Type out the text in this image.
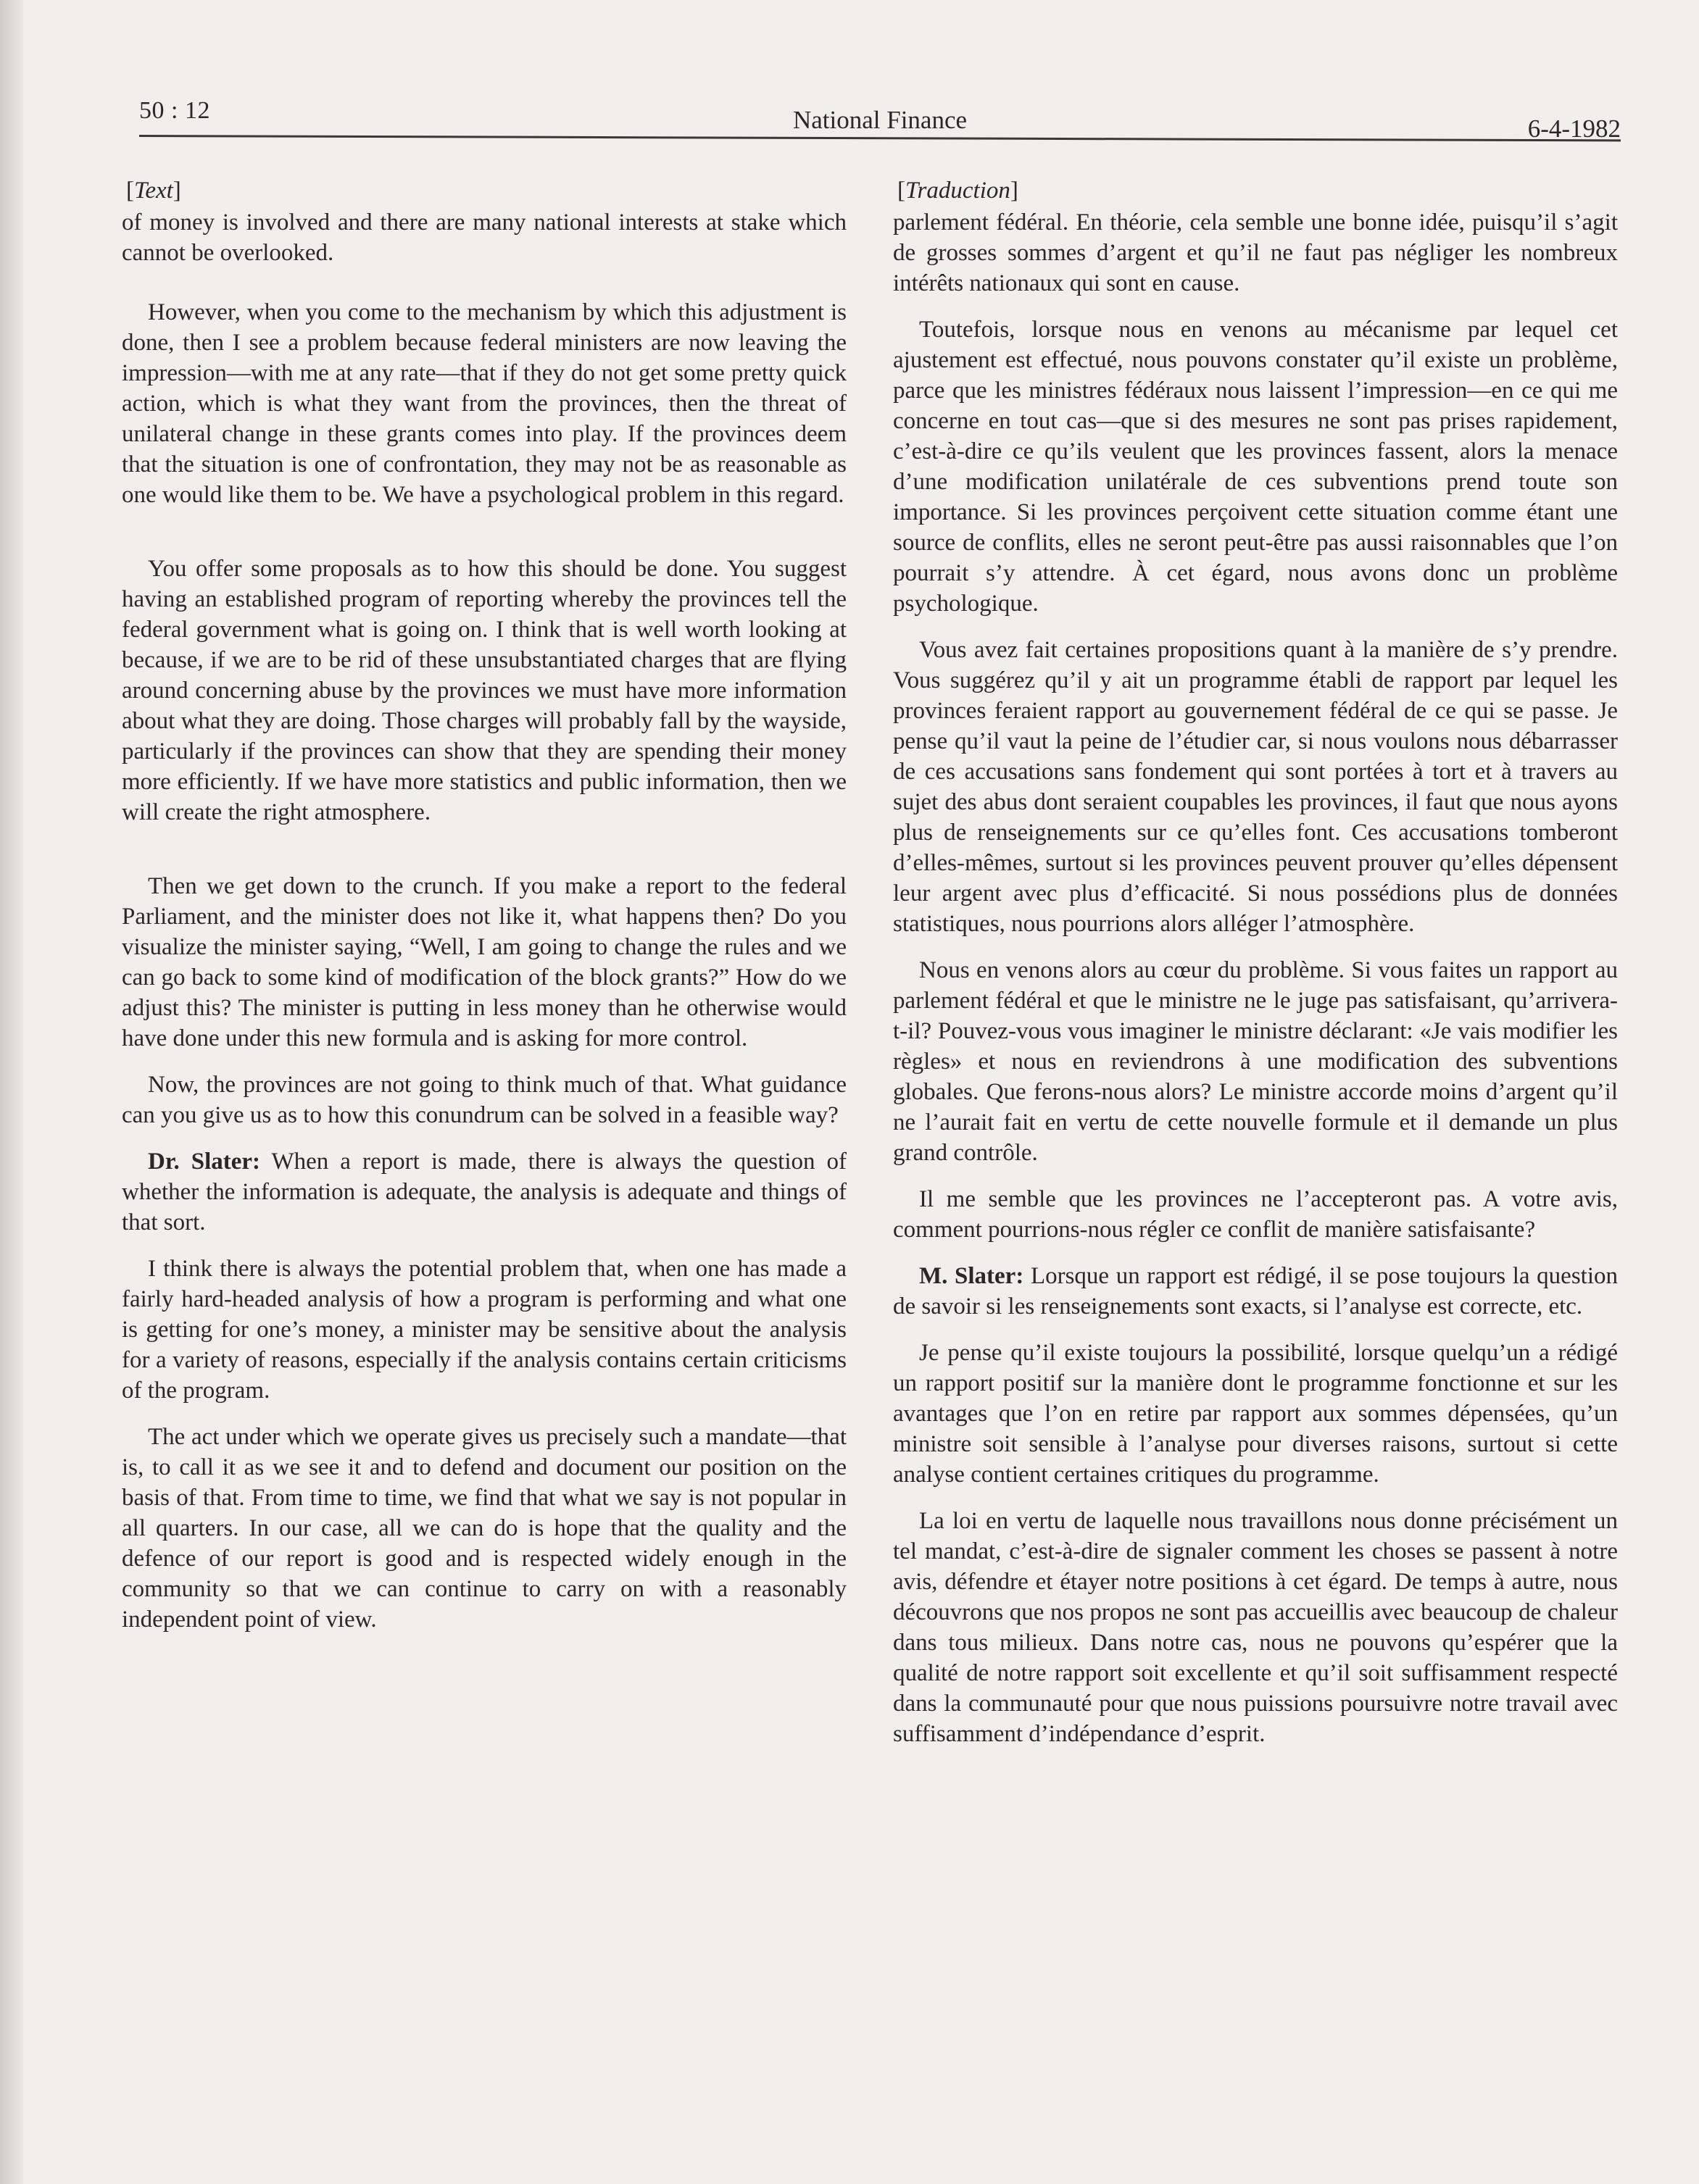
50 : 12	National Finance	6-4-1982
[Text]

of money is involved and there are many national interests at stake which cannot be overlooked.

However, when you come to the mechanism by which this adjustment is done, then I see a problem because federal ministers are now leaving the impression—with me at any rate—that if they do not get some pretty quick action, which is what they want from the provinces, then the threat of unilateral change in these grants comes into play. If the provinces deem that the situation is one of confrontation, they may not be as reasonable as one would like them to be. We have a psychological problem in this regard.

You offer some proposals as to how this should be done. You suggest having an established program of reporting whereby the provinces tell the federal government what is going on. I think that is well worth looking at because, if we are to be rid of these unsubstantiated charges that are flying around concerning abuse by the provinces we must have more information about what they are doing. Those charges will probably fall by the wayside, particularly if the provinces can show that they are spending their money more efficiently. If we have more statistics and public information, then we will create the right atmosphere.

Then we get down to the crunch. If you make a report to the federal Parliament, and the minister does not like it, what happens then? Do you visualize the minister saying, “Well, I am going to change the rules and we can go back to some kind of modification of the block grants?” How do we adjust this? The minister is putting in less money than he otherwise would have done under this new formula and is asking for more control.

Now, the provinces are not going to think much of that. What guidance can you give us as to how this conundrum can be solved in a feasible way?

Dr. Slater: When a report is made, there is always the question of whether the information is adequate, the analysis is adequate and things of that sort.

I think there is always the potential problem that, when one has made a fairly hard-headed analysis of how a program is performing and what one is getting for one’s money, a minister may be sensitive about the analysis for a variety of reasons, especially if the analysis contains certain criticisms of the program.

The act under which we operate gives us precisely such a mandate—that is, to call it as we see it and to defend and document our position on the basis of that. From time to time, we find that what we say is not popular in all quarters. In our case, all we can do is hope that the quality and the defence of our report is good and is respected widely enough in the community so that we can continue to carry on with a reasonably independent point of view.

[Traduction]

parlement fédéral. En théorie, cela semble une bonne idée, puisqu’il s’agit de grosses sommes d’argent et qu’il ne faut pas négliger les nombreux intérêts nationaux qui sont en cause.

Toutefois, lorsque nous en venons au mécanisme par lequel cet ajustement est effectué, nous pouvons constater qu’il existe un problème, parce que les ministres fédéraux nous laissent l’impression—en ce qui me concerne en tout cas—que si des mesures ne sont pas prises rapidement, c’est-à-dire ce qu’ils veulent que les provinces fassent, alors la menace d’une modification unilatérale de ces subventions prend toute son importance. Si les provinces perçoivent cette situation comme étant une source de conflits, elles ne seront peut-être pas aussi raisonnables que l’on pourrait s’y attendre. À cet égard, nous avons donc un problème psychologique.

Vous avez fait certaines propositions quant à la manière de s’y prendre. Vous suggérez qu’il y ait un programme établi de rapport par lequel les provinces feraient rapport au gouvernement fédéral de ce qui se passe. Je pense qu’il vaut la peine de l’étudier car, si nous voulons nous débarrasser de ces accusations sans fondement qui sont portées à tort et à travers au sujet des abus dont seraient coupables les provinces, il faut que nous ayons plus de renseignements sur ce qu’elles font. Ces accusations tomberont d’elles-mêmes, surtout si les provinces peuvent prouver qu’elles dépensent leur argent avec plus d’efficacité. Si nous possédions plus de données statistiques, nous pourrions alors alléger l’atmosphère.

Nous en venons alors au cœur du problème. Si vous faites un rapport au parlement fédéral et que le ministre ne le juge pas satisfaisant, qu’arrivera-t-il? Pouvez-vous vous imaginer le ministre déclarant: «Je vais modifier les règles» et nous en reviendrons à une modification des subventions globales. Que ferons-nous alors? Le ministre accorde moins d’argent qu’il ne l’aurait fait en vertu de cette nouvelle formule et il demande un plus grand contrôle.

Il me semble que les provinces ne l’accepteront pas. A votre avis, comment pourrions-nous régler ce conflit de manière satisfaisante?

M. Slater: Lorsque un rapport est rédigé, il se pose toujours la question de savoir si les renseignements sont exacts, si l’analyse est correcte, etc.

Je pense qu’il existe toujours la possibilité, lorsque quelqu’un a rédigé un rapport positif sur la manière dont le programme fonctionne et sur les avantages que l’on en retire par rapport aux sommes dépensées, qu’un ministre soit sensible à l’analyse pour diverses raisons, surtout si cette analyse contient certaines critiques du programme.

La loi en vertu de laquelle nous travaillons nous donne précisément un tel mandat, c’est-à-dire de signaler comment les choses se passent à notre avis, défendre et étayer notre positions à cet égard. De temps à autre, nous découvrons que nos propos ne sont pas accueillis avec beaucoup de chaleur dans tous milieux. Dans notre cas, nous ne pouvons qu’espérer que la qualité de notre rapport soit excellente et qu’il soit suffisamment respecté dans la communauté pour que nous puissions poursuivre notre travail avec suffisamment d’indépendance d’esprit.
